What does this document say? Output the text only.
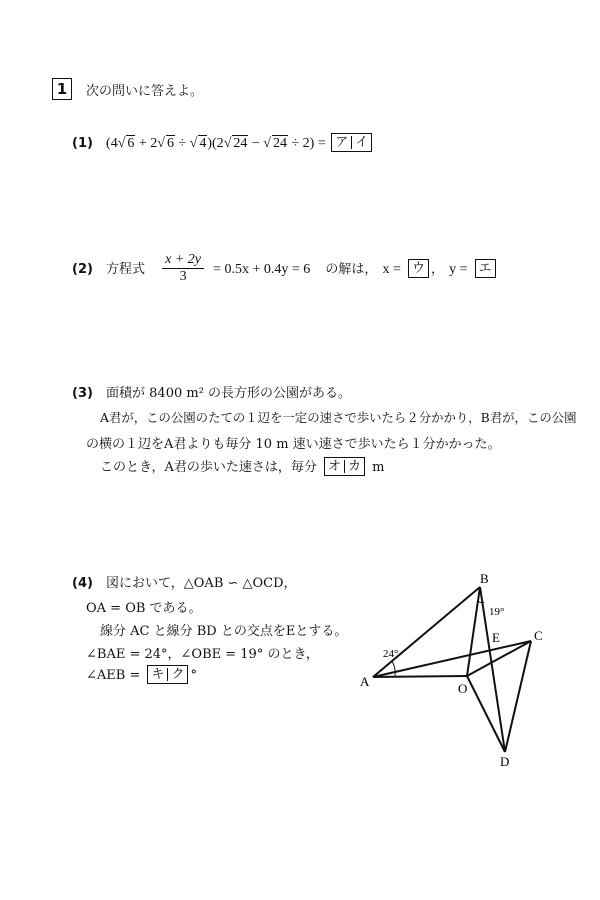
1	次の問いに答えよ。
(1) (4√ 6 + 2√ 6 ÷ √ 4)(2√ 24 − √ 24 ÷ 2) = ア イ
(2) 方程式 $\frac{x + 2y}{3} = 0.5x + 0.4y = 6$ の解は， x = ウ ， y = エ
(3) 面積が 8400 m² の長方形の公園がある。
A君が，この公園のたての１辺を一定の速さで歩いたら２分かかり，B君が，この公園
の横の１辺をA君よりも毎分 10 m 速い速さで歩いたら１分かかった。
このとき，A君の歩いた速さは，毎分 オ カ m
(4) 図において，△OAB ∽ △OCD，
OA = OB である。
線分 AC と線分 BD との交点をEとする。
∠BAE = 24°，∠OBE = 19° のとき，
∠AEB = キ ク °
B
A
C
D
E
O
24°
19°
